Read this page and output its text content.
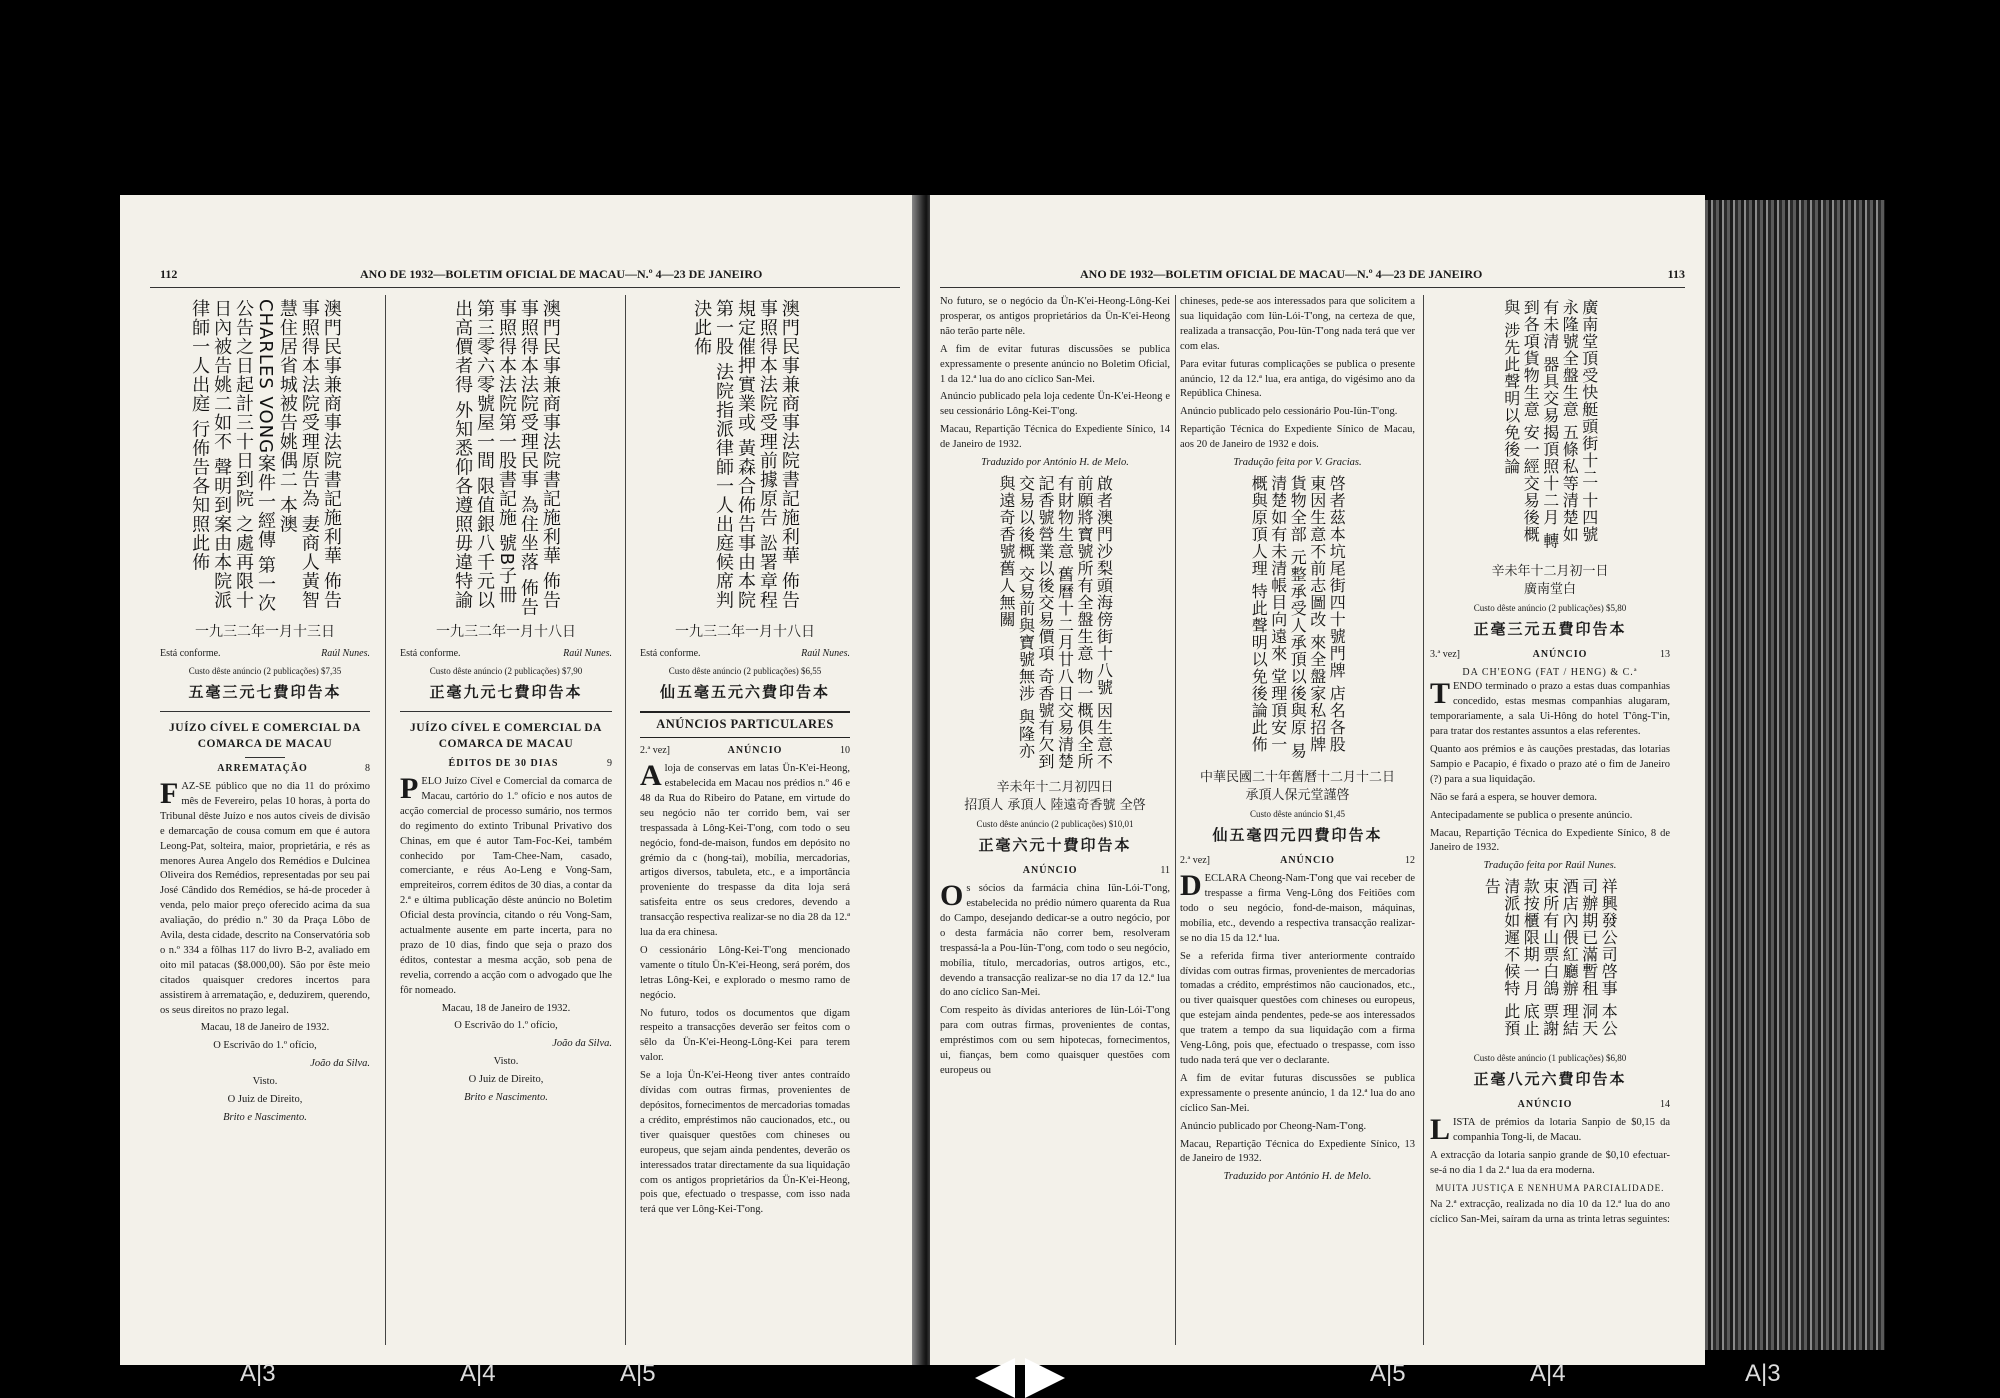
112	ANO DE 1932—BOLETIM OFICIAL DE MACAU—N.º 4—23 DE JANEIRO
澳門民事兼商事法院書記施利華 佈告事照得本法院受理原告為 妻商人黃智慧住居省城被告姚偶二 本澳CHARLES VONG案件一經傳 第一次公告之日起計三十日到院 之處再限十日內被告姚二如不 聲明到案由本院派律師一人出庭 行佈告各知照此佈
一九三二年一月十三日
Está conforme.	Raúl Nunes.
Custo dêste anúncio (2 publicações) $7,35
五毫三元七費印告本
JUÍZO CÍVEL E COMERCIAL DA COMARCA DE MACAU
ARREMATAÇÃO	8

FAZ-SE público que no dia 11 do próximo mês de Fevereiro, pelas 10 horas, à porta do Tribunal dêste Juízo e nos autos cíveis de divisão e demarcação de cousa comum em que é autora Leong-Pat, solteira, maior, proprietária, e rés as menores Aurea Angelo dos Remédios e Dulcinea Oliveira dos Remédios, representadas por seu pai José Cândido dos Remédios, se há-de proceder à venda, pelo maior preço oferecido acima da sua avaliação, do prédio n.º 30 da Praça Lôbo de Avila, desta cidade, descrito na Conservatória sob o n.º 334 a fôlhas 117 do livro B-2, avaliado em oito mil patacas ($8.000,00). São por êste meio citados quaisquer credores incertos para assistirem à arrematação, e, deduzirem, querendo, os seus direitos no prazo legal.

Macau, 18 de Janeiro de 1932.

O Escrivão do 1.º ofício,

João da Silva.

Visto.

O Juiz de Direito,

Brito e Nascimento.

澳門民事兼商事法院書記施利華 佈告事照得本法院受理民事 為住坐落 佈告事照得本法院第一股書記施 號B子冊第三零六零號屋一間 限值銀八千元以出高價者得 外知悉仰各遵照毋違特諭
一九三二年一月十八日
Está conforme.	Raúl Nunes.
Custo dêste anúncio (2 publicações) $7,90
正毫九元七費印告本
JUÍZO CÍVEL E COMERCIAL DA COMARCA DE MACAU
ÉDITOS DE 30 DIAS	9

PELO Juízo Cível e Comercial da comarca de Macau, cartório do 1.º ofício e nos autos de acção comercial de processo sumário, nos termos do regimento do extinto Tribunal Privativo dos Chinas, em que é autor Tam-Foc-Kei, também conhecido por Tam-Chee-Nam, casado, comerciante, e réus Ao-Leng e Vong-Sam, empreiteiros, correm éditos de 30 dias, a contar da 2.ª e última publicação dêste anúncio no Boletim Oficial desta província, citando o réu Vong-Sam, actualmente ausente em parte incerta, para no prazo de 10 dias, findo que seja o prazo dos éditos, contestar a mesma acção, sob pena de revelia, correndo a acção com o advogado que lhe fôr nomeado.

Macau, 18 de Janeiro de 1932.

O Escrivão do 1.º ofício,

João da Silva.

Visto.

O Juiz de Direito,

Brito e Nascimento.

澳門民事兼商事法院書記施利華 佈告事照得本法院受理前據原告 訟署章程規定催押實業或 黃森合佈告事由本院第一股 法院指派律師一人出庭候席判決此佈
一九三二年一月十八日
Está conforme.	Raúl Nunes.
Custo dêste anúncio (2 publicações) $6,55
仙五毫五元六費印告本
ANÚNCIOS PARTICULARES
2.ª vez]	ANÚNCIO	10

Aloja de conservas em latas Ün-K'ei-Heong, estabelecida em Macau nos prédios n.º 46 e 48 da Rua do Ribeiro do Patane, em virtude do seu negócio não ter corrido bem, vai ser trespassada à Lông-Kei-T'ong, com todo o seu negócio, fond-de-maison, fundos em depósito no grémio da c (hong-tai), mobília, mercadorias, artigos diversos, tabuleta, etc., e a importância proveniente do trespasse da dita loja será satisfeita entre os seus credores, devendo a transacção respectiva realizar-se no dia 28 da 12.ª lua da era chinesa.

O cessionário Lông-Kei-T'ong mencionado vamente o título Ün-K'ei-Heong, será porém, dos letras Lông-Kei, e explorado o mesmo ramo de negócio.

No futuro, todos os documentos que digam respeito a transacções deverão ser feitos com o sêlo da Ün-K'ei-Heong-Lông-Kei para terem valor.

Se a loja Ün-K'ei-Heong tiver antes contraído dívidas com outras firmas, provenientes de depósitos, fornecimentos de mercadorias tomadas a crédito, empréstimos não caucionados, etc., ou tiver quaisquer questões com chineses ou europeus, que sejam ainda pendentes, deverão os interessados tratar directamente da sua liquidação com os antigos proprietários da Ün-K'ei-Heong, pois que, efectuado o trespasse, com isso nada terá que ver Lông-Kei-T'ong.

ANO DE 1932—BOLETIM OFICIAL DE MACAU—N.º 4—23 DE JANEIRO	113

No futuro, se o negócio da Ün-K'ei-Heong-Lông-Kei prosperar, os antigos proprietários da Ün-K'ei-Heong não terão parte nêle.

A fim de evitar futuras discussões se publica expressamente o presente anúncio no Boletim Oficial, 1 da 12.ª lua do ano cíclico San-Mei.

Anúncio publicado pela loja cedente Ün-K'ei-Heong e seu cessionário Lông-Kei-T'ong.

Macau, Repartição Técnica do Expediente Sínico, 14 de Janeiro de 1932.

Traduzido por António H. de Melo.

啟者澳門沙梨頭海傍街十八號 因生意不前願將寶號所有全盤生意 物一概俱全所有財物生意 舊曆十二月廿八日交易清楚 記香號營業以後交易價項 奇香號有欠到交易以後概 交易前與寶號無涉 與隆亦與遠奇香號舊人無關
辛未年十二月初四日
招頂人 承頂人 陸遠奇香號 全啓
Custo dêste anúncio (2 publicações) $10,01
正毫六元十費印告本
ANÚNCIO	11

Os sócios da farmácia china Iün-Lói-T'ong, estabelecida no prédio número quarenta da Rua do Campo, desejando dedicar-se a outro negócio, por o desta farmácia não correr bem, resolveram trespassá-la a Pou-Iün-T'ong, com todo o seu negócio, mobília, título, mercadorias, outros artigos, etc., devendo a transacção realizar-se no dia 17 da 12.ª lua do ano cíclico San-Mei.

Com respeito às dívidas anteriores de Iün-Lói-T'ong para com outras firmas, provenientes de contas, empréstimos com ou sem hipotecas, fornecimentos, ui, fianças, bem como quaisquer questões com europeus ou

chineses, pede-se aos interessados para que solicitem a sua liquidação com Iün-Lói-T'ong, na certeza de que, realizada a transacção, Pou-Iün-T'ong nada terá que ver com elas.

Para evitar futuras complicações se publica o presente anúncio, 12 da 12.ª lua, era antiga, do vigésimo ano da República Chinesa.

Anúncio publicado pelo cessionário Pou-Iün-T'ong.

Repartição Técnica do Expediente Sínico de Macau, aos 20 de Janeiro de 1932 e dois.

Tradução feita por V. Gracias.

啓者茲本坑尾街四十號門牌 店名各股東因生意不前志圖改 來全盤家私招牌貨物全部 元整承受人承頂以後與原 易清楚如有未清帳目向遠來 堂理頂安一概與原頂人理 特此聲明以免後論此佈
中華民國二十年舊曆十二月十二日
承頂人保元堂謹啓
Custo dêste anúncio $1,45
仙五毫四元四費印告本
2.ª vez]	ANÚNCIO	12

DECLARA Cheong-Nam-T'ong que vai receber de trespasse a firma Veng-Lông dos Feitiões com todo o seu negócio, fond-de-maison, máquinas, mobília, etc., devendo a respectiva transacção realizar-se no dia 15 da 12.ª lua.

Se a referida firma tiver anteriormente contraído dívidas com outras firmas, provenientes de mercadorias tomadas a crédito, empréstimos não caucionados, etc., ou tiver quaisquer questões com chineses ou europeus, que estejam ainda pendentes, pede-se aos interessados que tratem a tempo da sua liquidação com a firma Veng-Lông, pois que, efectuado o trespasse, com isso tudo nada terá que ver o declarante.

A fim de evitar futuras discussões se publica expressamente o presente anúncio, 1 da 12.ª lua do ano cíclico San-Mei.

Anúncio publicado por Cheong-Nam-T'ong.

Macau, Repartição Técnica do Expediente Sínico, 13 de Janeiro de 1932.

Traduzido por António H. de Melo.

廣南堂頂受快艇頭街十二 十四號永隆號全盤生意 五條私等清楚如有未清 器具交易揭頂照十二月 轉到各項貨物生意 安一經交易後概與 涉先此聲明以免後論
辛未年十二月初一日
廣南堂白
Custo dêste anúncio (2 publicações) $5,80
正毫三元五費印告本
3.ª vez]	ANÚNCIO	13
DA CH'EONG (FAT / HENG) & C.ª

TENDO terminado o prazo a estas duas companhias concedido, estas mesmas companhias alugaram, temporariamente, a sala Ui-Hông do hotel T'ông-T'in, para tratar dos restantes assuntos a elas referentes.

Quanto aos prémios e às cauções prestadas, das lotarias Sampio e Pacapio, é fixado o prazo até o fim de Janeiro (?) para a sua liquidação.

Não se fará a espera, se houver demora.

Antecipadamente se publica o presente anúncio.

Macau, Repartição Técnica do Expediente Sínico, 8 de Janeiro de 1932.

Tradução feita por Raúl Nunes.

祥興發公司啓事 本公司辦期已滿暫租 洞天酒店內偎紅廳辦 理結束所有山票白鴿 票謝款按櫃限期一月 底止清派如遲不候特 此預告
Custo dêste anúncio (1 publicações) $6,80
正毫八元六費印告本
ANÚNCIO	14

LISTA de prémios da lotaria Sanpio de $0,15 da companhia Tong-li, de Macau.

A extracção da lotaria sanpio grande de $0,10 efectuar-se-á no dia 1 da 2.ª lua da era moderna.

MUITA JUSTIÇA E NENHUMA PARCIALIDADE.

Na 2.ª extracção, realizada no dia 10 da 12.ª lua do ano cíclico San-Mei, saíram da urna as trinta letras seguintes:

A|3	A|4	A|5	A|5	A|4	A|3
